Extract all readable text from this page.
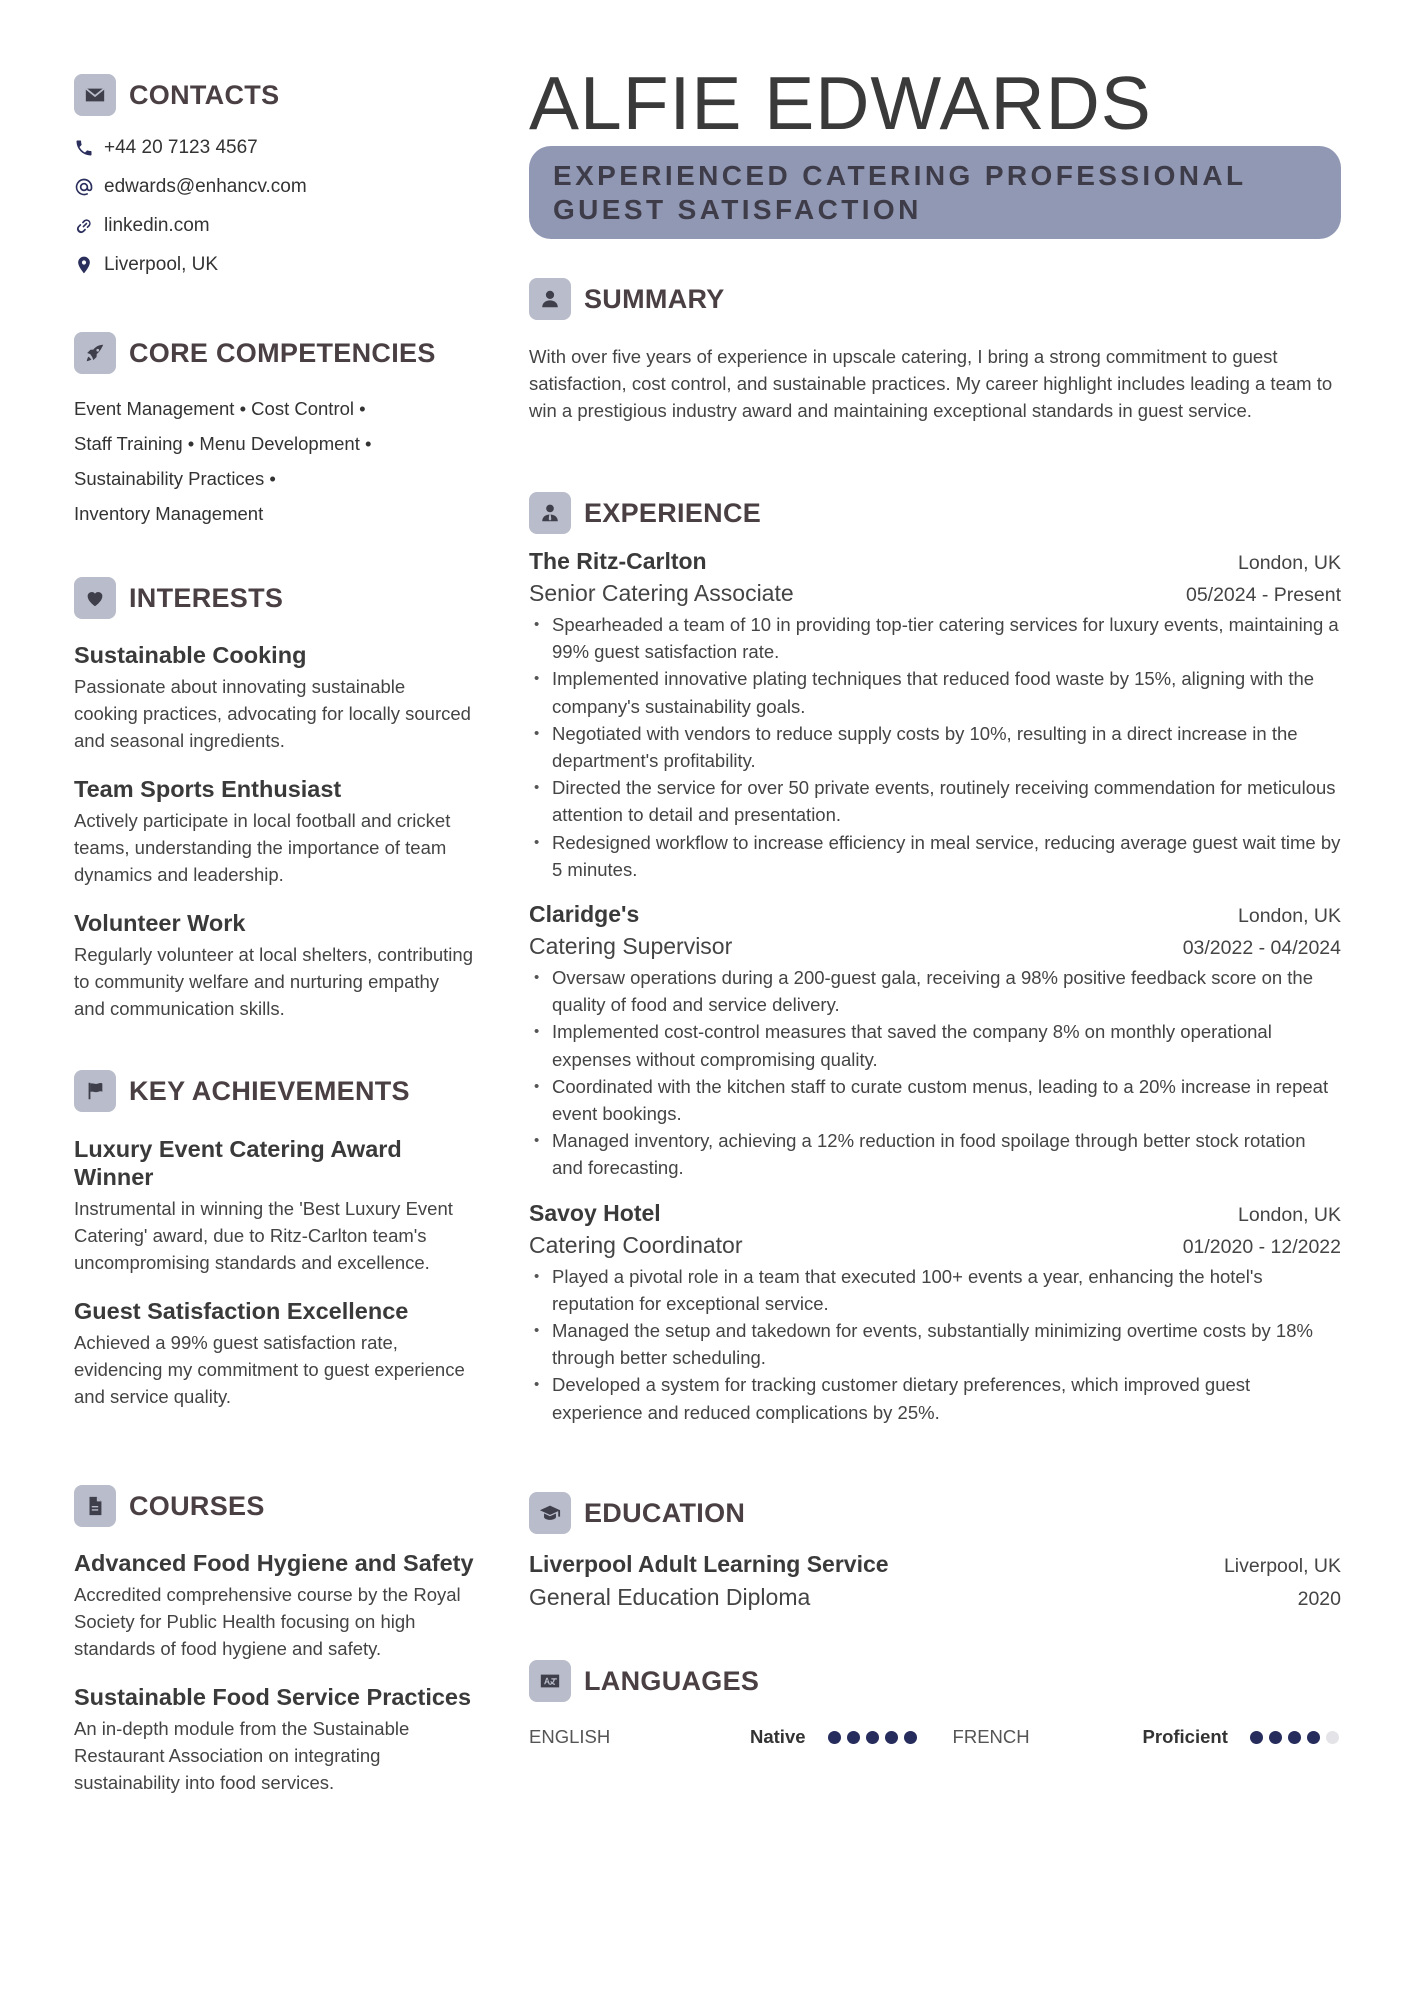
CONTACTS
+44 20 7123 4567
edwards@enhancv.com
linkedin.com
Liverpool, UK
CORE COMPETENCIES
Event Management • Cost Control •
Staff Training • Menu Development •
Sustainability Practices •
Inventory Management
INTERESTS
Sustainable Cooking
Passionate about innovating sustainable cooking practices, advocating for locally sourced and seasonal ingredients.
Team Sports Enthusiast
Actively participate in local football and cricket teams, understanding the importance of team dynamics and leadership.
Volunteer Work
Regularly volunteer at local shelters, contributing to community welfare and nurturing empathy and communication skills.
KEY ACHIEVEMENTS
Luxury Event Catering Award Winner
Instrumental in winning the 'Best Luxury Event Catering' award, due to Ritz-Carlton team's uncompromising standards and excellence.
Guest Satisfaction Excellence
Achieved a 99% guest satisfaction rate, evidencing my commitment to guest experience and service quality.
COURSES
Advanced Food Hygiene and Safety
Accredited comprehensive course by the Royal Society for Public Health focusing on high standards of food hygiene and safety.
Sustainable Food Service Practices
An in-depth module from the Sustainable Restaurant Association on integrating sustainability into food services.
ALFIE EDWARDS
EXPERIENCED CATERING PROFESSIONAL
GUEST SATISFACTION
SUMMARY
With over five years of experience in upscale catering, I bring a strong commitment to guest satisfaction, cost control, and sustainable practices. My career highlight includes leading a team to win a prestigious industry award and maintaining exceptional standards in guest service.
EXPERIENCE
The Ritz-Carlton	London, UK
Senior Catering Associate	05/2024 - Present
• Spearheaded a team of 10 in providing top-tier catering services for luxury events, maintaining a 99% guest satisfaction rate.
• Implemented innovative plating techniques that reduced food waste by 15%, aligning with the company's sustainability goals.
• Negotiated with vendors to reduce supply costs by 10%, resulting in a direct increase in the department's profitability.
• Directed the service for over 50 private events, routinely receiving commendation for meticulous attention to detail and presentation.
• Redesigned workflow to increase efficiency in meal service, reducing average guest wait time by 5 minutes.
Claridge's	London, UK
Catering Supervisor	03/2022 - 04/2024
• Oversaw operations during a 200-guest gala, receiving a 98% positive feedback score on the quality of food and service delivery.
• Implemented cost-control measures that saved the company 8% on monthly operational expenses without compromising quality.
• Coordinated with the kitchen staff to curate custom menus, leading to a 20% increase in repeat event bookings.
• Managed inventory, achieving a 12% reduction in food spoilage through better stock rotation and forecasting.
Savoy Hotel	London, UK
Catering Coordinator	01/2020 - 12/2022
• Played a pivotal role in a team that executed 100+ events a year, enhancing the hotel's reputation for exceptional service.
• Managed the setup and takedown for events, substantially minimizing overtime costs by 18% through better scheduling.
• Developed a system for tracking customer dietary preferences, which improved guest experience and reduced complications by 25%.
EDUCATION
Liverpool Adult Learning Service	Liverpool, UK
General Education Diploma	2020
LANGUAGES
ENGLISH	Native	FRENCH	Proficient
